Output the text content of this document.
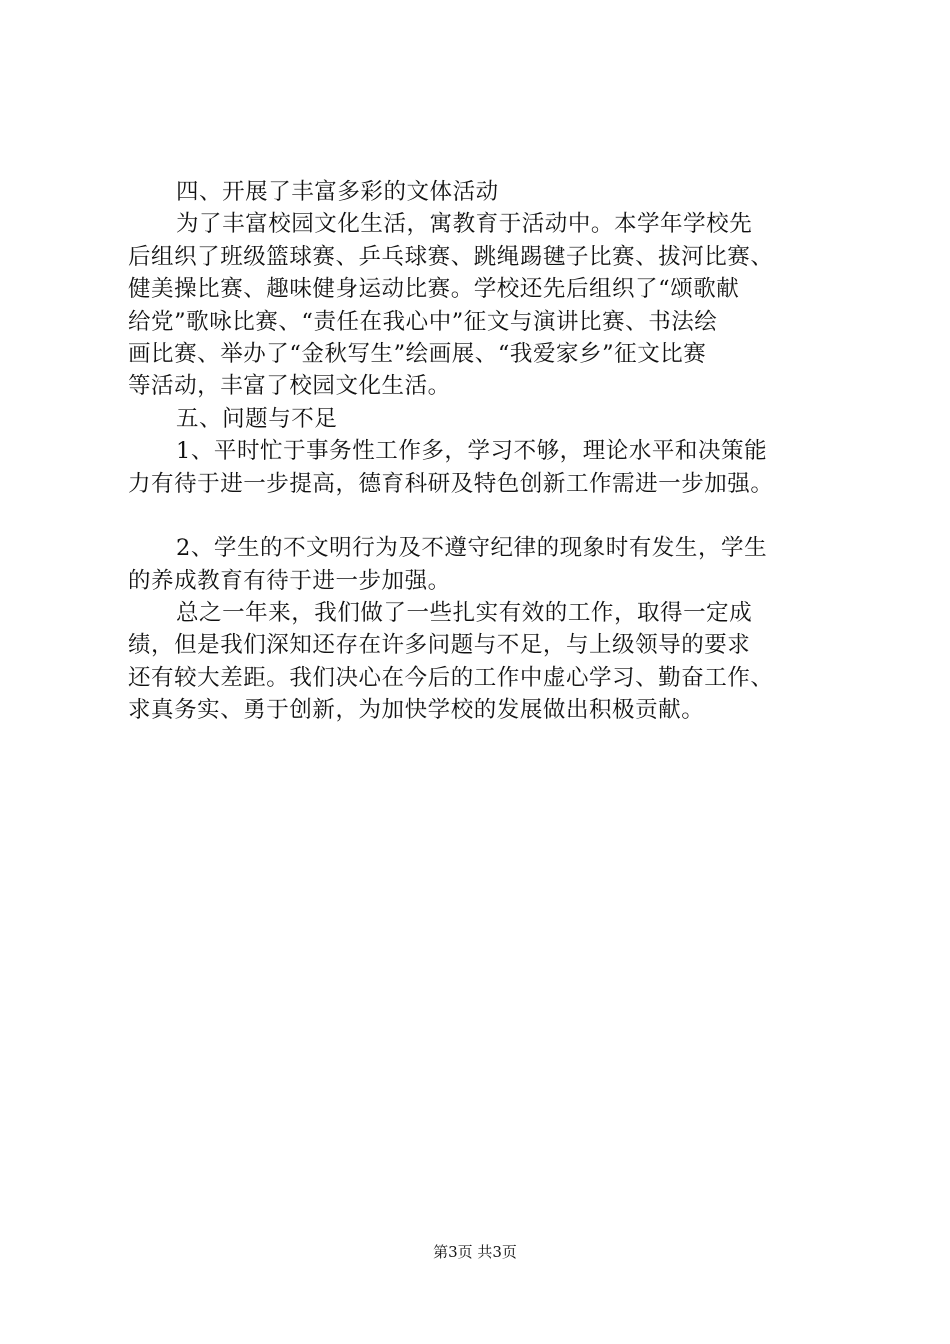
四、开展了丰富多彩的文体活动
为了丰富校园文化生活，寓教育于活动中。本学年学校先
后组织了班级篮球赛、乒乓球赛、跳绳踢毽子比赛、拔河比赛、
健美操比赛、趣味健身运动比赛。学校还先后组织了“颂歌献
给党”歌咏比赛、“责任在我心中”征文与演讲比赛、书法绘
画比赛、举办了“金秋写生”绘画展、“我爱家乡”征文比赛
等活动，丰富了校园文化生活。
五、问题与不足
1、平时忙于事务性工作多，学习不够，理论水平和决策能
力有待于进一步提高，德育科研及特色创新工作需进一步加强。
2、学生的不文明行为及不遵守纪律的现象时有发生，学生
的养成教育有待于进一步加强。
总之一年来，我们做了一些扎实有效的工作，取得一定成
绩，但是我们深知还存在许多问题与不足，与上级领导的要求
还有较大差距。我们决心在今后的工作中虚心学习、勤奋工作、
求真务实、勇于创新，为加快学校的发展做出积极贡献。
第3页 共3页
